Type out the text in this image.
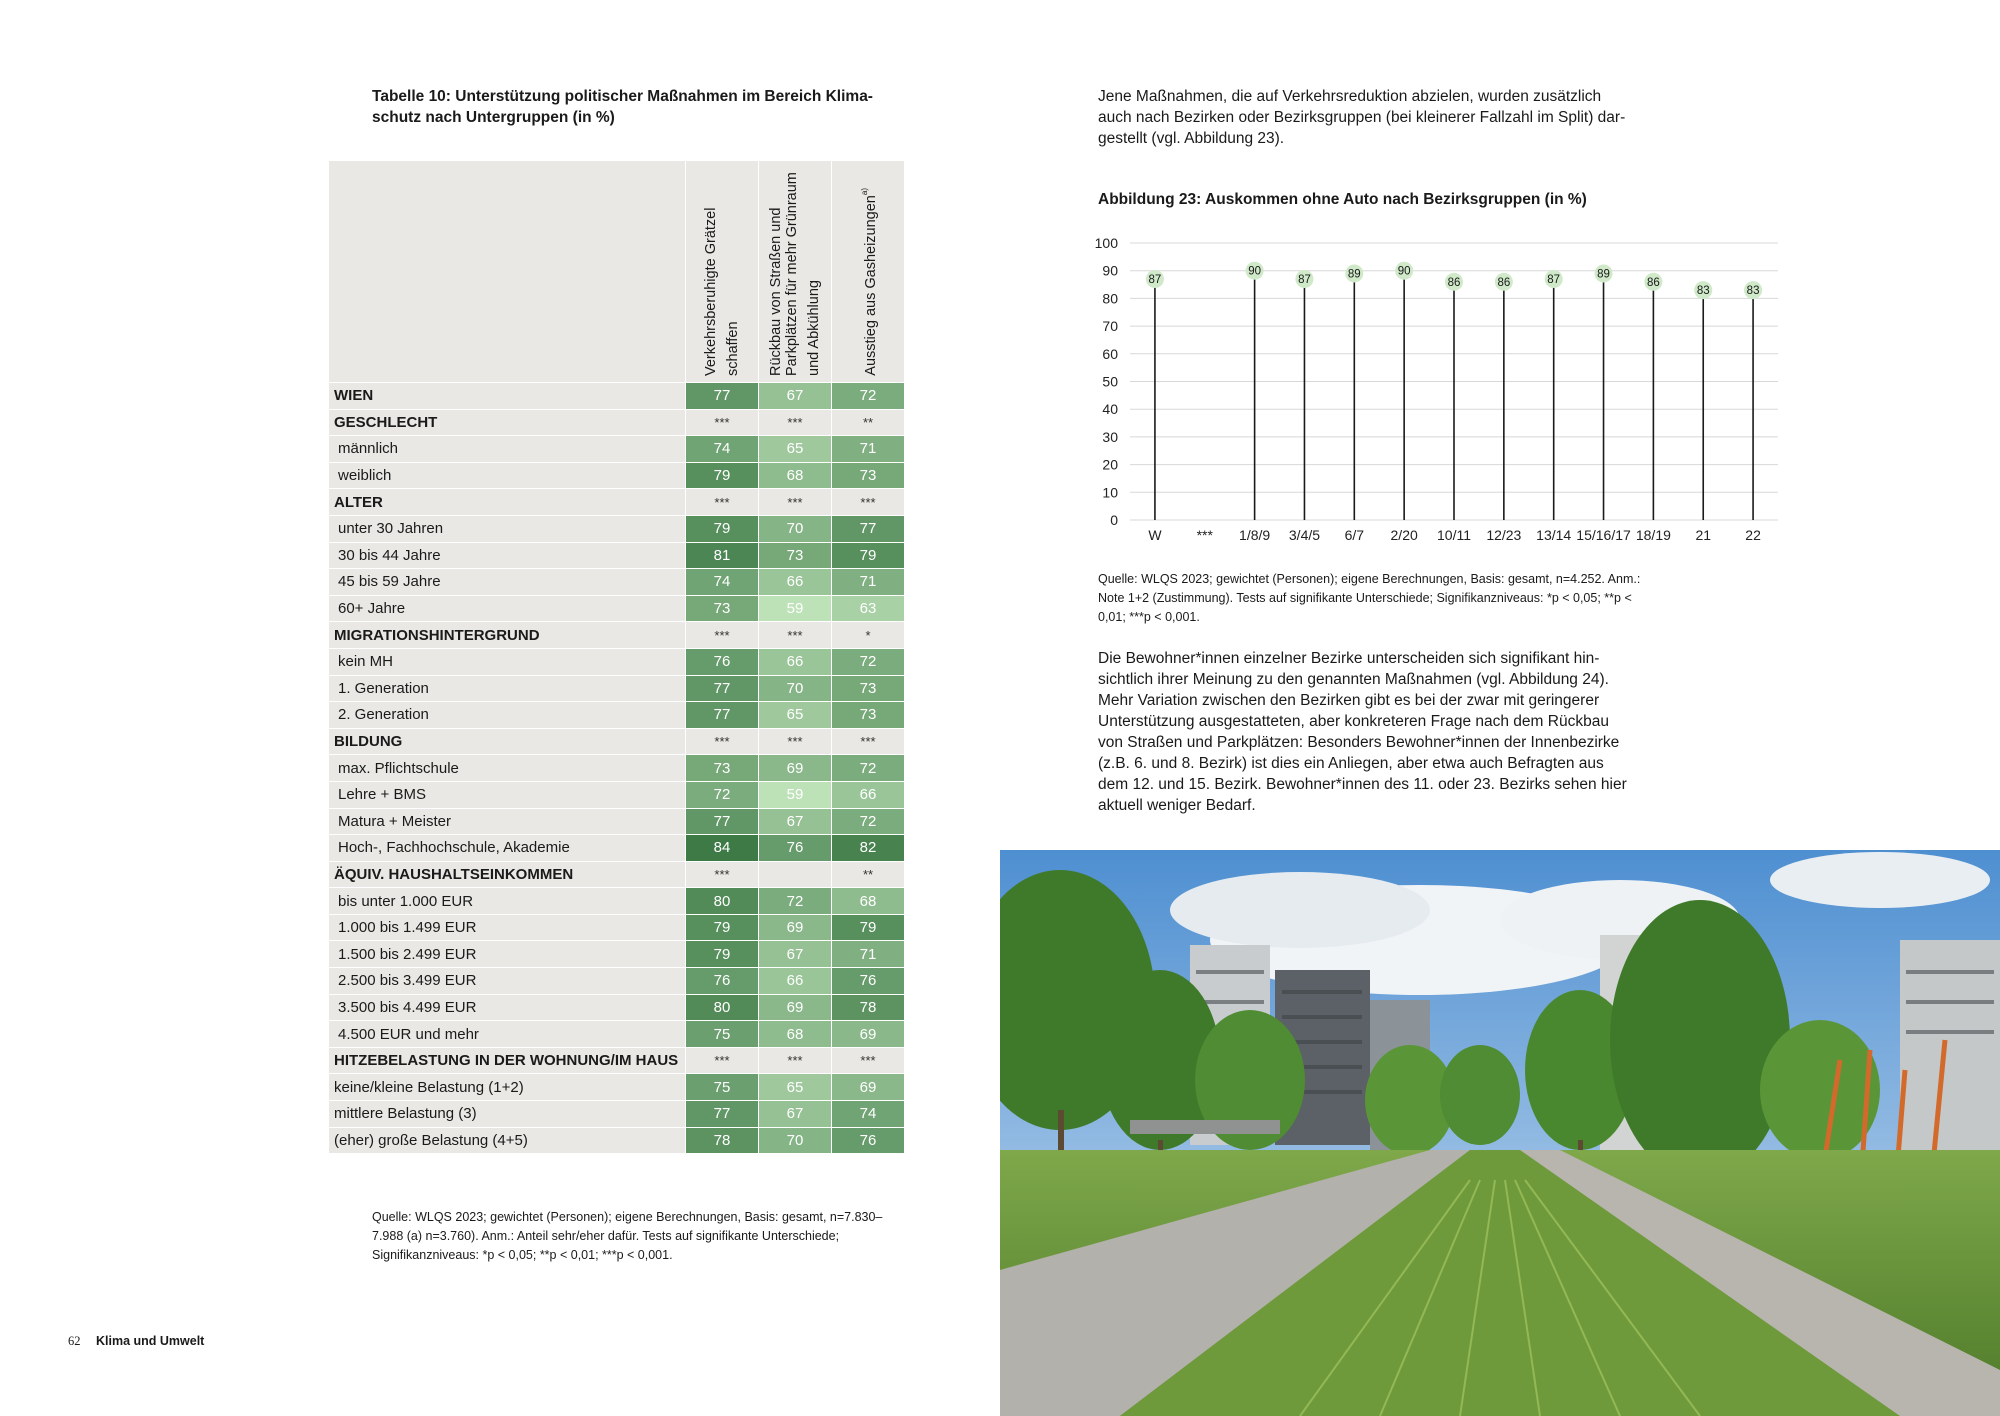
Tabelle 10: Unterstützung politischer Maßnahmen im Bereich Klima-schutz nach Untergruppen (in %)

	Verkehrsberuhigte Grätzel schaffen	Rückbau von Straßen und Parkplätzen für mehr Grünraum und Abkühlung	Ausstieg aus Gasheizungen$^{a)}$

WIEN	77	67	72
GESCHLECHT	***	***	**
männlich	74	65	71
weiblich	79	68	73
ALTER	***	***	***
unter 30 Jahren	79	70	77
30 bis 44 Jahre	81	73	79
45 bis 59 Jahre	74	66	71
60+ Jahre	73	59	63
MIGRATIONSHINTERGRUND	***	***	*
kein MH	76	66	72
1. Generation	77	70	73
2. Generation	77	65	73
BILDUNG	***	***	***
max. Pflichtschule	73	69	72
Lehre + BMS	72	59	66
Matura + Meister	77	67	72
Hoch-, Fachhochschule, Akademie	84	76	82
ÄQUIV. HAUSHALTSEINKOMMEN	***		**
bis unter 1.000 EUR	80	72	68
1.000 bis 1.499 EUR	79	69	79
1.500 bis 2.499 EUR	79	67	71
2.500 bis 3.499 EUR	76	66	76
3.500 bis 4.499 EUR	80	69	78
4.500 EUR und mehr	75	68	69
HITZEBELASTUNG IN DER WOHNUNG/IM HAUS	***	***	***
keine/kleine Belastung (1+2)	75	65	69
mittlere Belastung (3)	77	67	74
(eher) große Belastung (4+5)	78	70	76
Quelle: WLQS 2023; gewichtet (Personen); eigene Berechnungen, Basis: gesamt, n=7.830–7.988 (a) n=3.760). Anm.: Anteil sehr/eher dafür. Tests auf signifikante Unterschiede; Signifikanzniveaus: *p < 0,05; **p < 0,01; ***p < 0,001.
62 Klima und Umwelt
Jene Maßnahmen, die auf Verkehrsreduktion abzielen, wurden zusätzlich auch nach Bezirken oder Bezirksgruppen (bei kleinerer Fallzahl im Split) dar-gestellt (vgl. Abbildung 23).
Abbildung 23: Auskommen ohne Auto nach Bezirksgruppen (in %)
0
10
20
30
40
50
60
70
80
90
100
87
W	***
90
1/8/9
87
3/4/5
89
6/7
90
2/20
86
10/11
86
12/23
87
13/14
89
15/16/17
86
18/19
83
21
83
22
Quelle: WLQS 2023; gewichtet (Personen); eigene Berechnungen, Basis: gesamt, n=4.252. Anm.: Note 1+2 (Zustimmung). Tests auf signifikante Unterschiede; Signifikanzniveaus: *p < 0,05; **p < 0,01; ***p < 0,001.
Die Bewohner*innen einzelner Bezirke unterscheiden sich signifikant hin-sichtlich ihrer Meinung zu den genannten Maßnahmen (vgl. Abbildung 24). Mehr Variation zwischen den Bezirken gibt es bei der zwar mit geringerer Unterstützung ausgestatteten, aber konkreteren Frage nach dem Rückbau von Straßen und Parkplätzen: Besonders Bewohner*innen der Innenbezirke (z.B. 6. und 8. Bezirk) ist dies ein Anliegen, aber etwa auch Befragten aus dem 12. und 15. Bezirk. Bewohner*innen des 11. oder 23. Bezirks sehen hier aktuell weniger Bedarf.
